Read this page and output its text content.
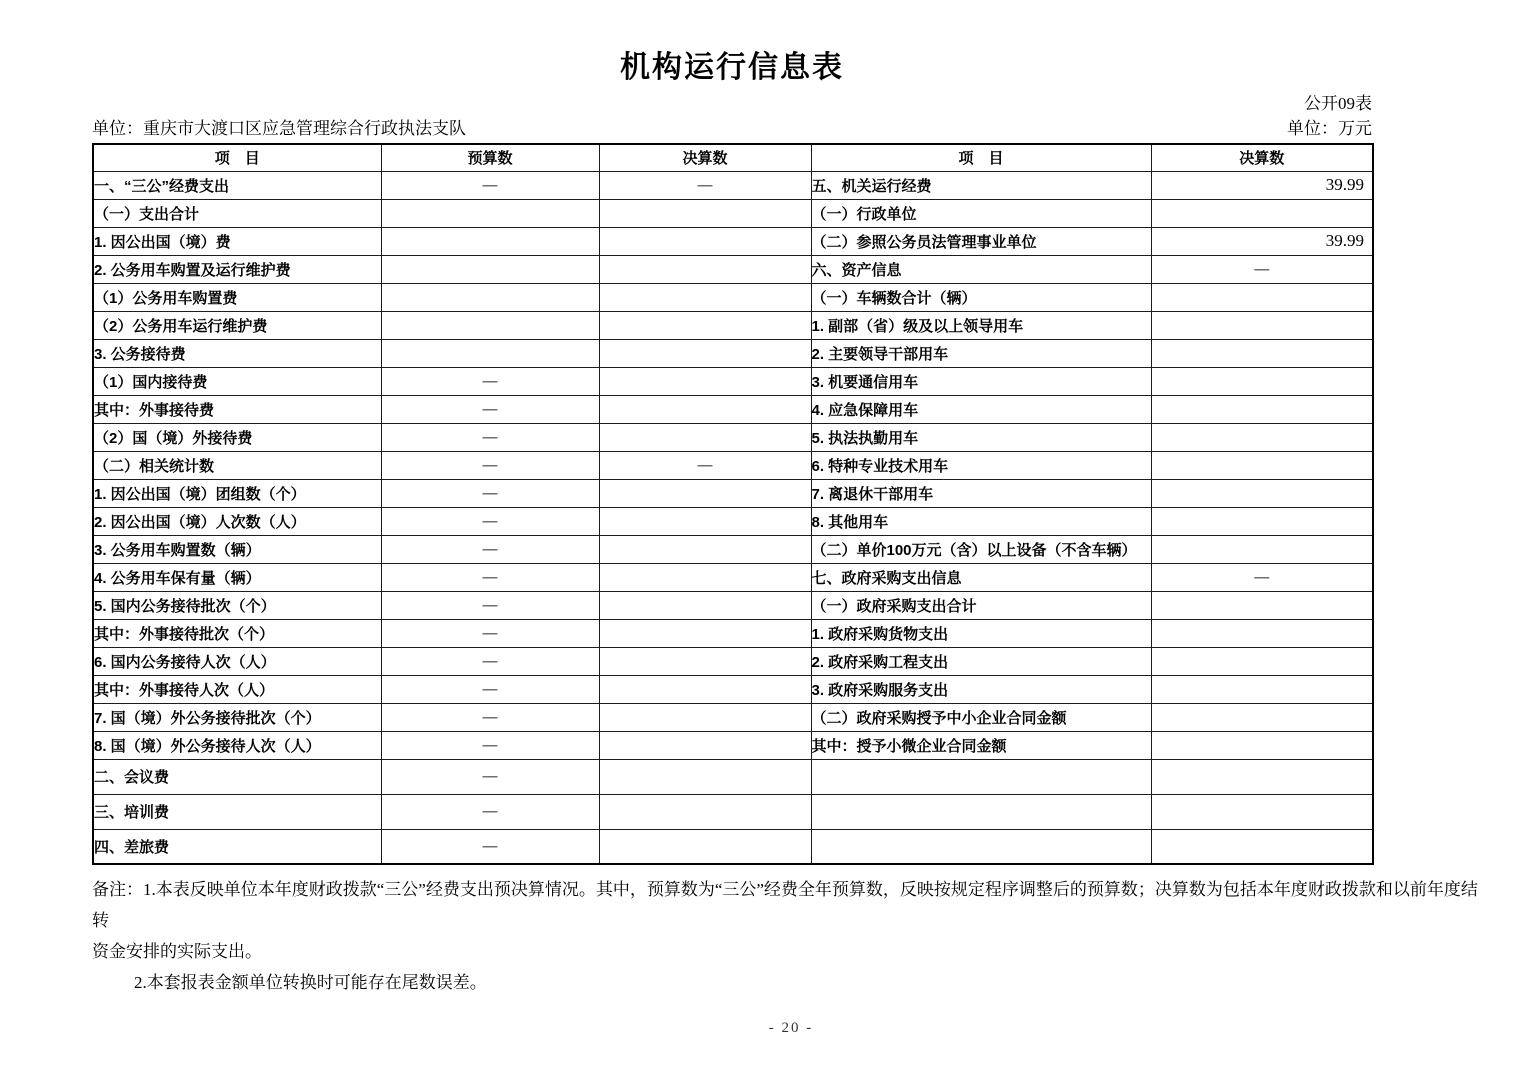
机构运行信息表
公开09表
单位：重庆市大渡口区应急管理综合行政执法支队	单位：万元
项　目	预算数	决算数	项　目	决算数
一、“三公”经费支出	—	—	五、机关运行经费	39.99
（一）支出合计			（一）行政单位	
1. 因公出国（境）费			（二）参照公务员法管理事业单位	39.99
2. 公务用车购置及运行维护费			六、资产信息	—
（1）公务用车购置费			（一）车辆数合计（辆）	
（2）公务用车运行维护费			1. 副部（省）级及以上领导用车	
3. 公务接待费			2. 主要领导干部用车	
（1）国内接待费	—		3. 机要通信用车	
其中：外事接待费	—		4. 应急保障用车	
（2）国（境）外接待费	—		5. 执法执勤用车	
（二）相关统计数	—	—	6. 特种专业技术用车	
1. 因公出国（境）团组数（个）	—		7. 离退休干部用车	
2. 因公出国（境）人次数（人）	—		8. 其他用车	
3. 公务用车购置数（辆）	—		（二）单价100万元（含）以上设备（不含车辆）	
4. 公务用车保有量（辆）	—		七、政府采购支出信息	—
5. 国内公务接待批次（个）	—		（一）政府采购支出合计	
其中：外事接待批次（个）	—		1. 政府采购货物支出	
6. 国内公务接待人次（人）	—		2. 政府采购工程支出	
其中：外事接待人次（人）	—		3. 政府采购服务支出	
7. 国（境）外公务接待批次（个）	—		（二）政府采购授予中小企业合同金额	
8. 国（境）外公务接待人次（人）	—		其中：授予小微企业合同金额	
二、会议费	—			
三、培训费	—			
四、差旅费	—			
备注：1.本表反映单位本年度财政拨款“三公”经费支出预决算情况。其中，预算数为“三公”经费全年预算数，反映按规定程序调整后的预算数；决算数为包括本年度财政拨款和以前年度结转
资金安排的实际支出。
2.本套报表金额单位转换时可能存在尾数误差。
- 20 -
